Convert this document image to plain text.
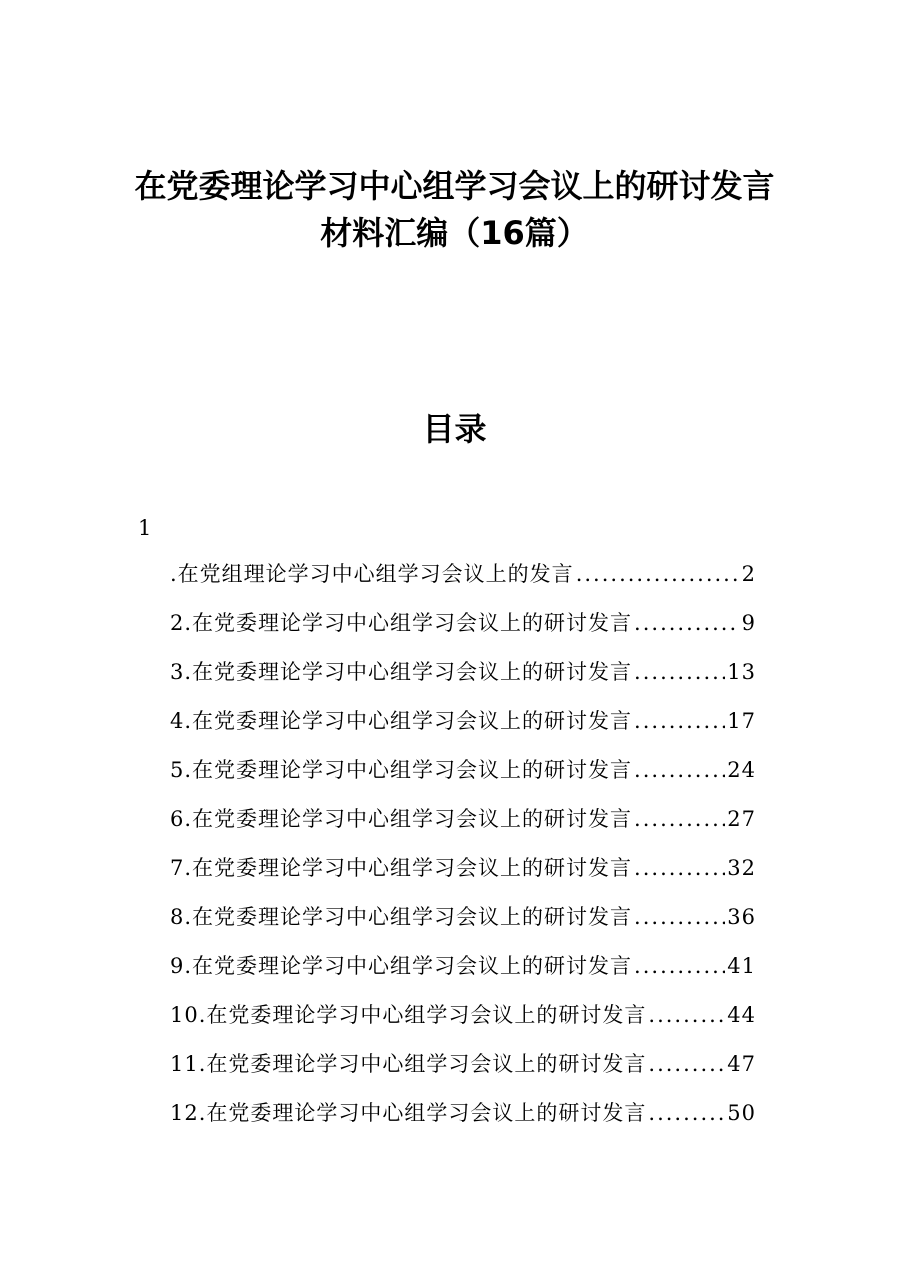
在党委理论学习中心组学习会议上的研讨发言
材料汇编（16篇）
目录
1
.在党组理论学习中心组学习会议上的发言 .....	2
2.在党委理论学习中心组学习会议上的研讨发言 .....	9
3.在党委理论学习中心组学习会议上的研讨发言 .....	13
4.在党委理论学习中心组学习会议上的研讨发言 .....	17
5.在党委理论学习中心组学习会议上的研讨发言 .....	24
6.在党委理论学习中心组学习会议上的研讨发言 .....	27
7.在党委理论学习中心组学习会议上的研讨发言 .....	32
8.在党委理论学习中心组学习会议上的研讨发言 .....	36
9.在党委理论学习中心组学习会议上的研讨发言 .....	41
10.在党委理论学习中心组学习会议上的研讨发言 .....	44
11.在党委理论学习中心组学习会议上的研讨发言 .....	47
12.在党委理论学习中心组学习会议上的研讨发言 .....	50
